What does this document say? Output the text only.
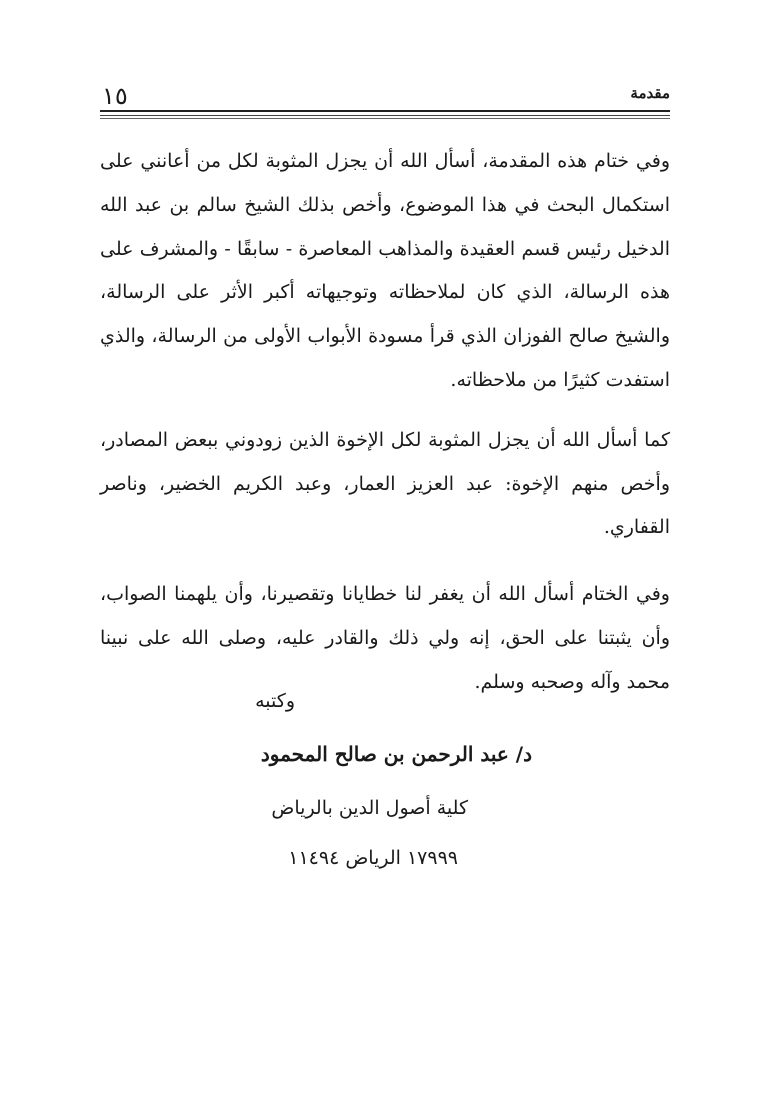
١٥	مقدمة

وفي ختام هذه المقدمة، أسأل الله أن يجزل المثوبة لكل من أعانني على استكمال البحث في هذا الموضوع، وأخص بذلك الشيخ سالم بن عبد الله الدخيل رئيس قسم العقيدة والمذاهب المعاصرة - سابقًا - والمشرف على هذه الرسالة، الذي كان لملاحظاته وتوجيهاته أكبر الأثر على الرسالة، والشيخ صالح الفوزان الذي قرأ مسودة الأبواب الأولى من الرسالة، والذي استفدت كثيرًا من ملاحظاته.

كما أسأل الله أن يجزل المثوبة لكل الإخوة الذين زودوني ببعض المصادر، وأخص منهم الإخوة: عبد العزيز العمار، وعبد الكريم الخضير، وناصر القفاري.

وفي الختام أسأل الله أن يغفر لنا خطايانا وتقصيرنا، وأن يلهمنا الصواب، وأن يثبتنا على الحق، إنه ولي ذلك والقادر عليه، وصلى الله على نبينا محمد وآله وصحبه وسلم.

وكتبه
د/ عبد الرحمن بن صالح المحمود
كلية أصول الدين بالرياض
١٧٩٩٩ الرياض ١١٤٩٤
